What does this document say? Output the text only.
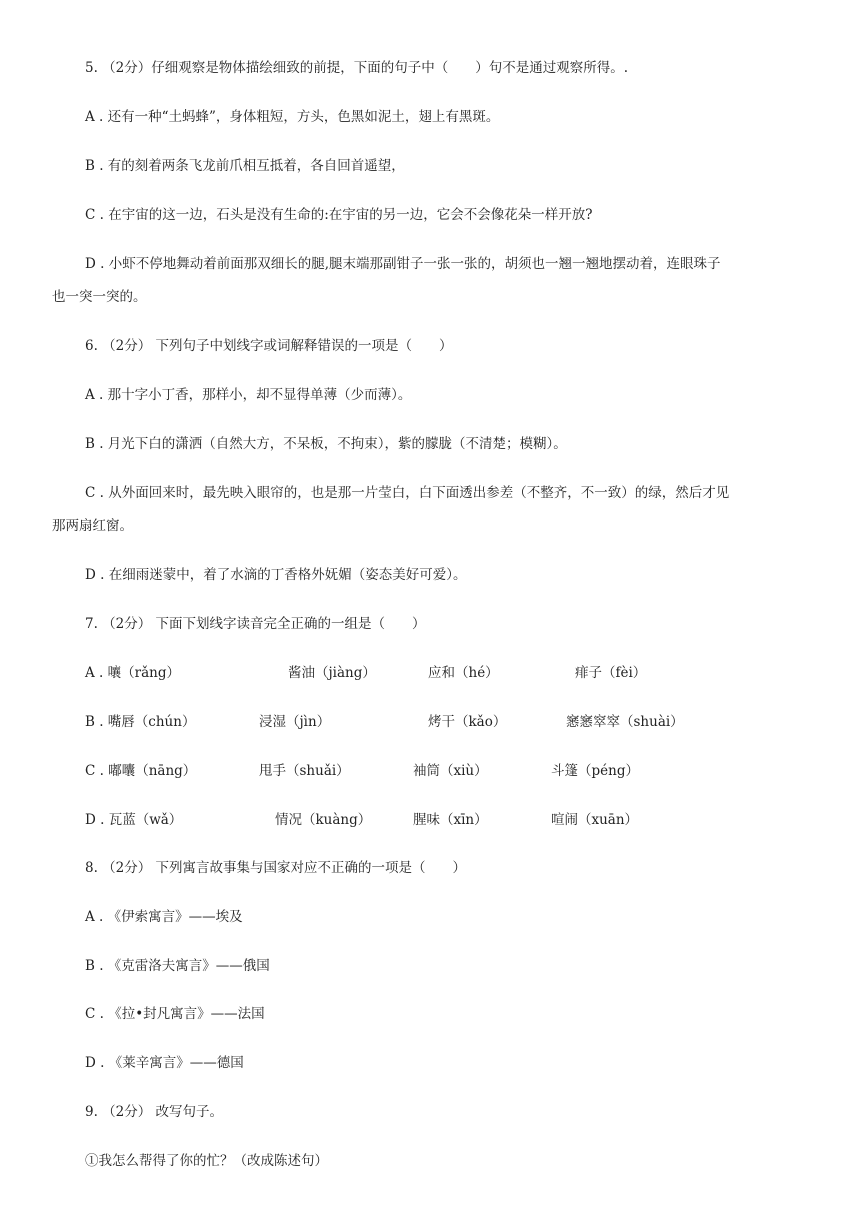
5. （2分）仔细观察是物体描绘细致的前提，下面的句子中（　　）句不是通过观察所得。.
A . 还有一种“土蚂蜂”，身体粗短，方头，色黑如泥土，翅上有黑斑。
B . 有的刻着两条飞龙前爪相互抵着，各自回首遥望，
C . 在宇宙的这一边，石头是没有生命的:在宇宙的另一边，它会不会像花朵一样开放?
D . 小虾不停地舞动着前面那双细长的腿,腿末端那副钳子一张一张的，胡须也一翘一翘地摆动着，连眼珠子
也一突一突的。
6. （2分） 下列句子中划线字或词解释错误的一项是（　　）
A . 那十字小丁香，那样小，却不显得单薄（少而薄）。
B . 月光下白的潇洒（自然大方，不呆板，不拘束），紫的朦胧（不清楚；模糊）。
C . 从外面回来时，最先映入眼帘的，也是那一片莹白，白下面透出参差（不整齐，不一致）的绿，然后才见
那两扇红窗。
D . 在细雨迷蒙中，着了水滴的丁香格外妩媚（姿态美好可爱）。
7. （2分） 下面下划线字读音完全正确的一组是（　　）
A . 嚷（rǎng）	酱油（jiàng）	应和（hé）	痱子（fèi）
B . 嘴唇（chún）	浸湿（jìn）	烤干（kǎo）	窸窸窣窣（shuài）
C . 嘟囔（nāng）	甩手（shuǎi）	袖筒（xiù）	斗篷（péng）
D . 瓦蓝（wǎ）	情况（kuàng）	腥味（xīn）	喧闹（xuān）
8. （2分） 下列寓言故事集与国家对应不正确的一项是（　　）
A . 《伊索寓言》——埃及
B . 《克雷洛夫寓言》——俄国
C . 《拉•封凡寓言》——法国
D . 《莱辛寓言》——德国
9. （2分） 改写句子。
①我怎么帮得了你的忙？（改成陈述句）
